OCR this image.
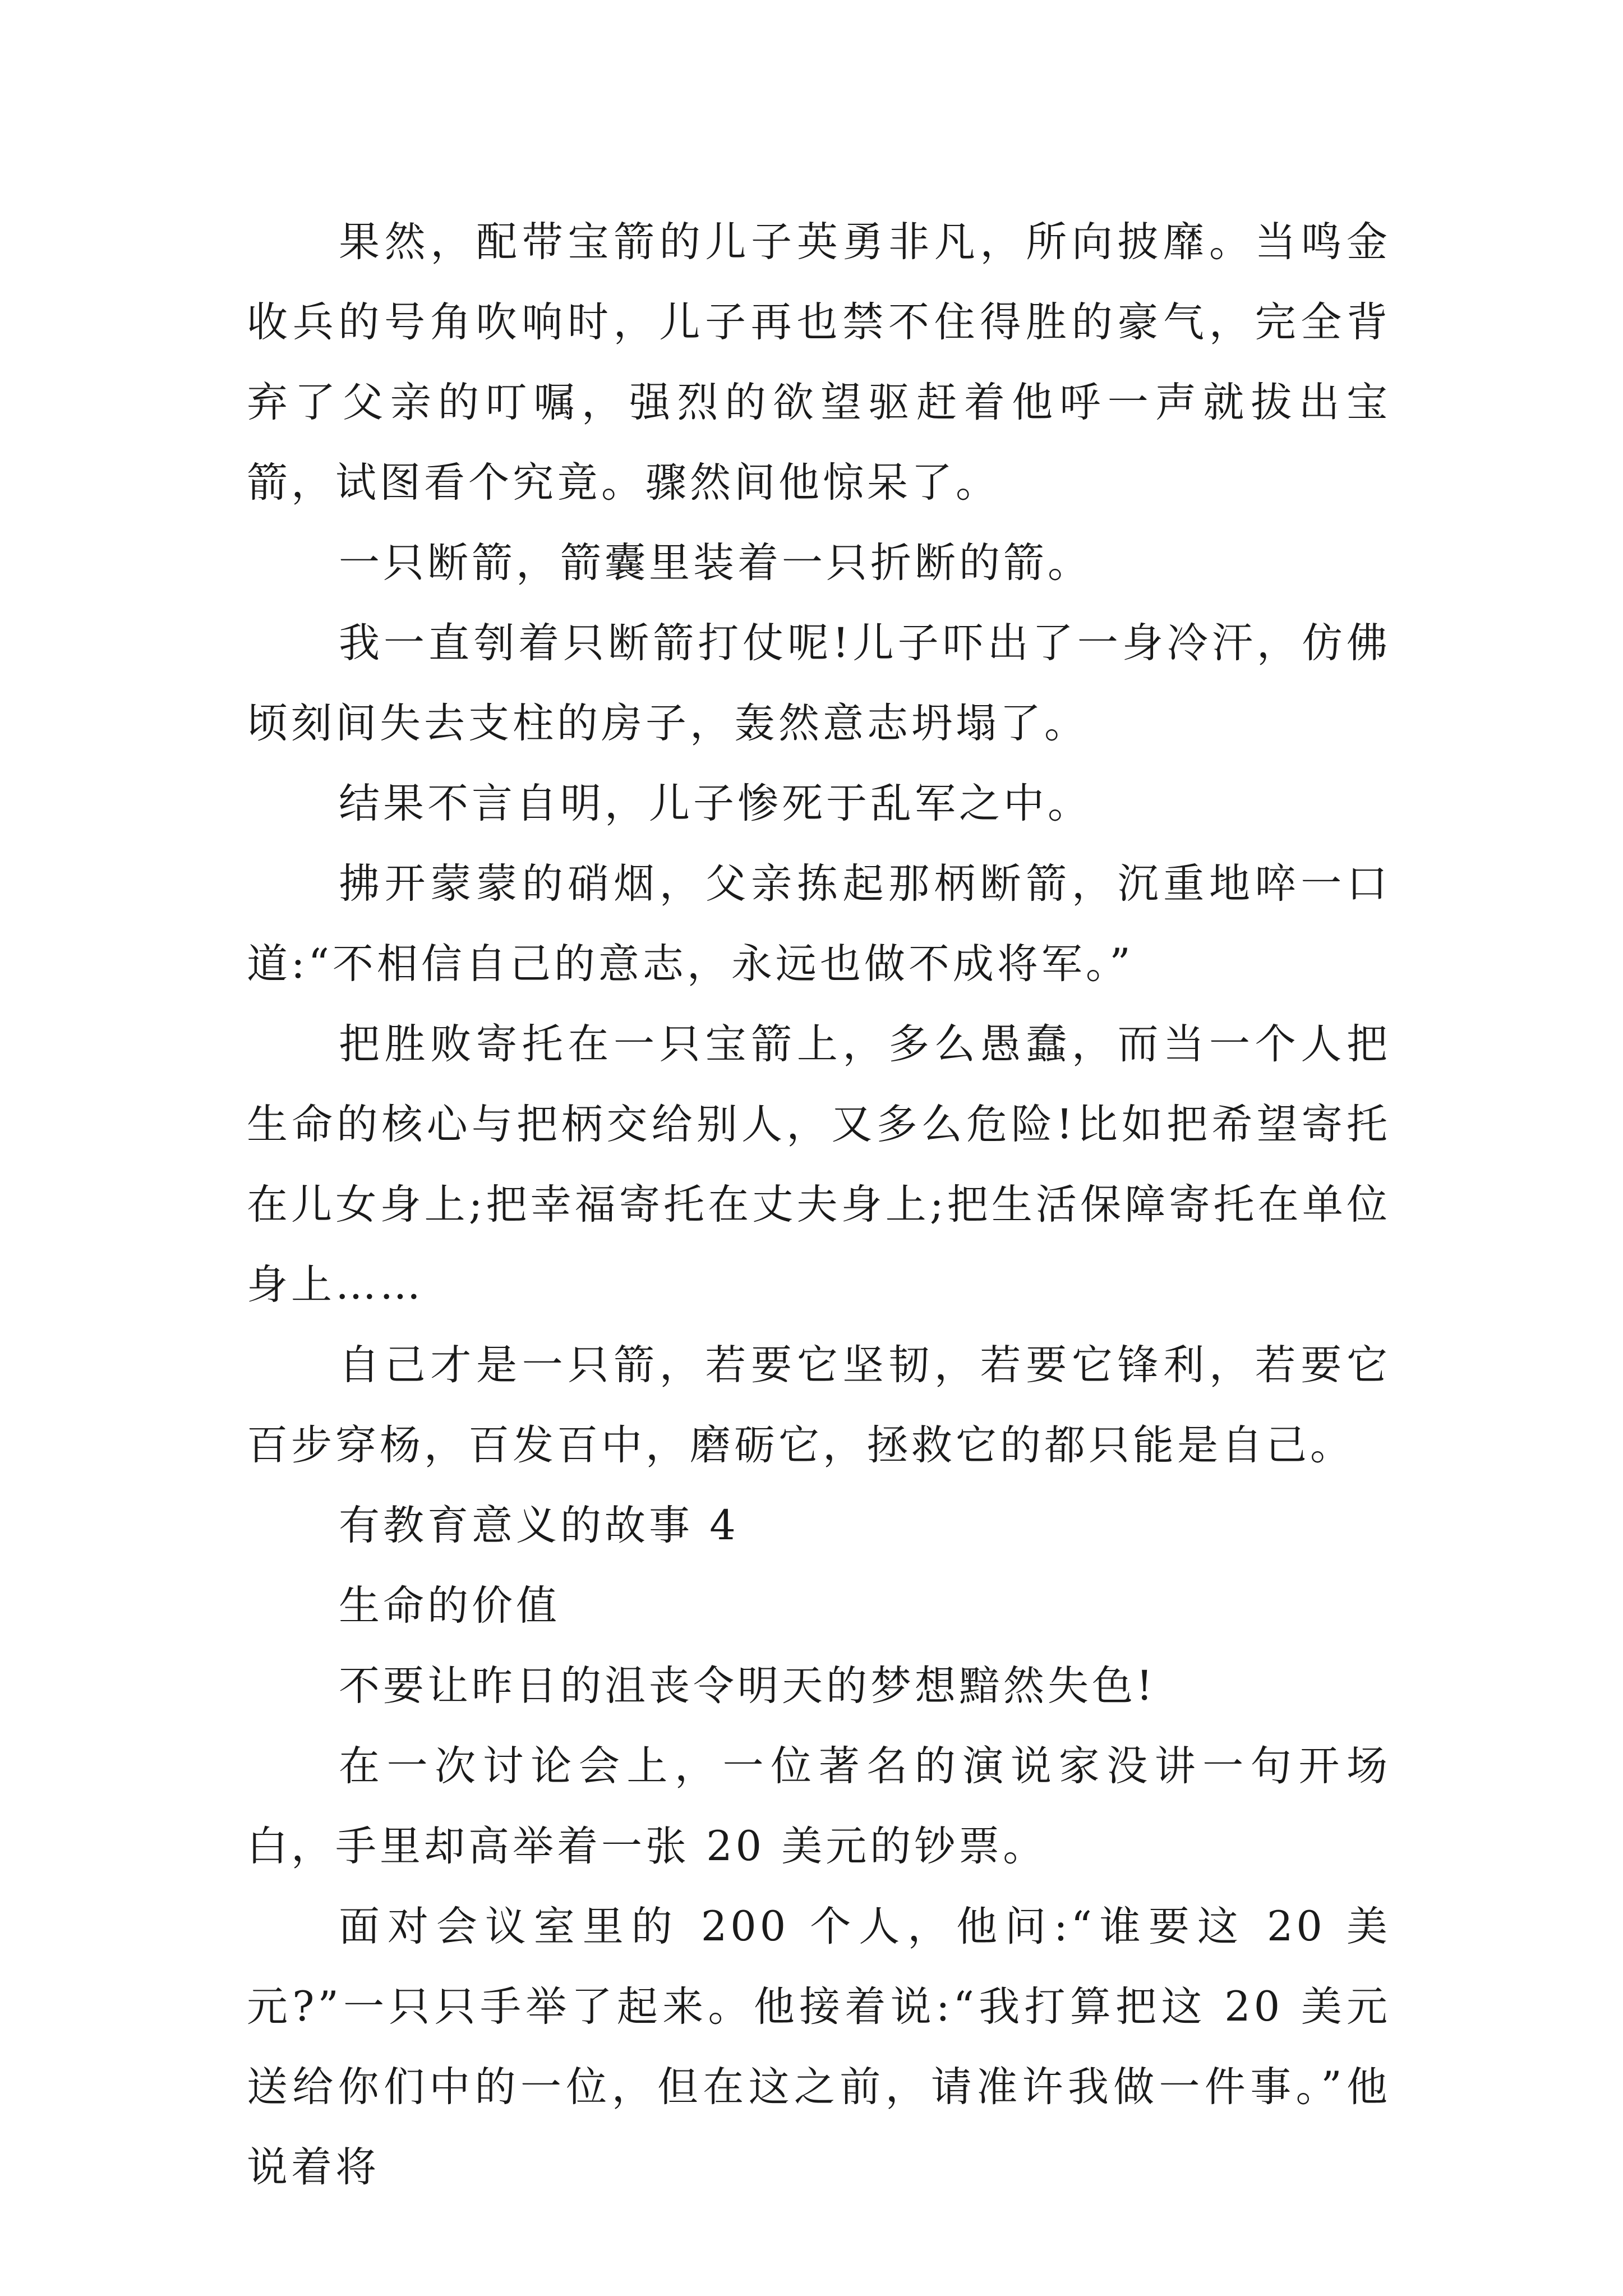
果然，配带宝箭的儿子英勇非凡，所向披靡。当鸣金收兵的号角吹响时，儿子再也禁不住得胜的豪气，完全背弃了父亲的叮嘱，强烈的欲望驱赶着他呼一声就拔出宝箭，试图看个究竟。骤然间他惊呆了。

一只断箭，箭囊里装着一只折断的箭。

我一直刳着只断箭打仗呢!儿子吓出了一身冷汗，仿佛顷刻间失去支柱的房子，轰然意志坍塌了。

结果不言自明，儿子惨死于乱军之中。

拂开蒙蒙的硝烟，父亲拣起那柄断箭，沉重地啐一口道:“不相信自己的意志，永远也做不成将军。”

把胜败寄托在一只宝箭上，多么愚蠢，而当一个人把生命的核心与把柄交给别人，又多么危险!比如把希望寄托在儿女身上;把幸福寄托在丈夫身上;把生活保障寄托在单位身上……

自己才是一只箭，若要它坚韧，若要它锋利，若要它百步穿杨，百发百中，磨砺它，拯救它的都只能是自己。

有教育意义的故事 4

生命的价值

不要让昨日的沮丧令明天的梦想黯然失色!

在一次讨论会上，一位著名的演说家没讲一句开场白，手里却高举着一张 20 美元的钞票。

面对会议室里的 200 个人，他问:“谁要这 20 美元?”一只只手举了起来。他接着说:“我打算把这 20 美元送给你们中的一位，但在这之前，请准许我做一件事。”他说着将
